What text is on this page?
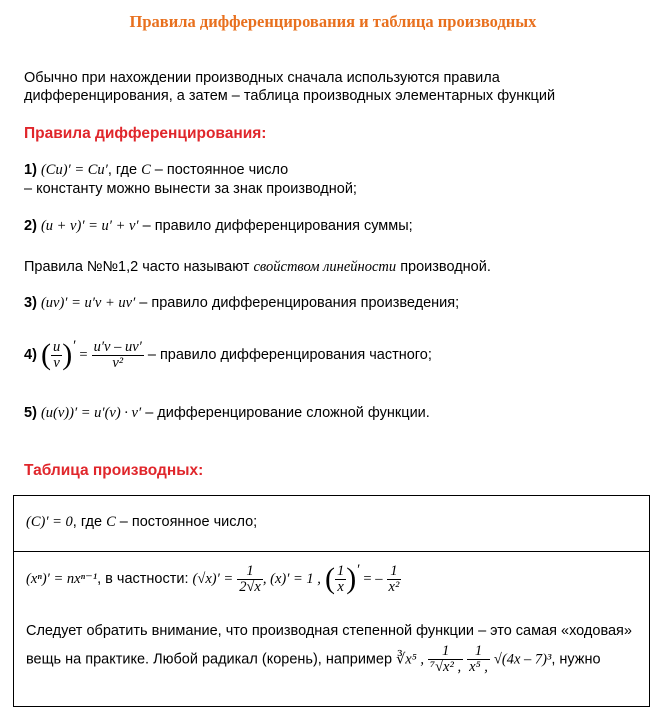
Правила дифференцирования и таблица производных
Обычно при нахождении производных сначала используются правила
дифференцирования, а затем – таблица производных элементарных функций
Правила дифференцирования:
1) (Cu)′ = Cu′, где C – постоянное число
– константу можно вынести за знак производной;
2) (u + v)′ = u′ + v′ – правило дифференцирования суммы;
Правила №№1,2 часто называют свойством линейности производной.
3) (uv)′ = u′v + uv′ – правило дифференцирования произведения;
4) ( $\frac{u}{v}$ )′ = $\frac{u'v - uv'}{\text{v²}}$ – правило дифференцирования частного;
5) (u(v))′ = u′(v) · v′ – дифференцирование сложной функции.
Таблица производных:
(C)′ = 0, где C – постоянное число;
(xⁿ)′ = nxⁿ⁻¹, в частности: $(√x)' = \frac{1}{2√x}$ , (x)′ = 1 , ( $\frac{1}{x}$ )′ = – $\frac{1}{\text{x²}}$
Следует обратить внимание, что производная степенной функции – это самая «ходовая»
вещь на практике. Любой радикал (корень), например ∛x⁵ , $\frac{1}{\text{⁷√x² ,}}$
$\frac{1}{\text{x⁵ ,}} √(4x - 7)^3$, нужно
